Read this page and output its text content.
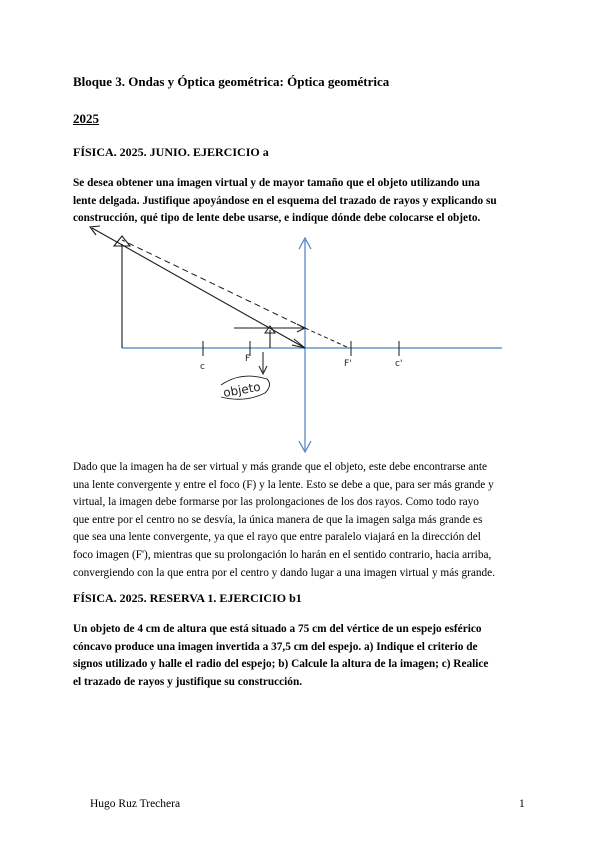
Bloque 3. Ondas y Óptica geométrica: Óptica geométrica
2025
FÍSICA. 2025. JUNIO. EJERCICIO a
Se desea obtener una imagen virtual y de mayor tamaño que el objeto utilizando una
lente delgada. Justifique apoyándose en el esquema del trazado de rayos y explicando su
construcción, qué tipo de lente debe usarse, e indique dónde debe colocarse el objeto.
c
F	F'	c'
objeto
Dado que la imagen ha de ser virtual y más grande que el objeto, este debe encontrarse ante
una lente convergente y entre el foco (F) y la lente. Esto se debe a que, para ser más grande y
virtual, la imagen debe formarse por las prolongaciones de los dos rayos. Como todo rayo
que entre por el centro no se desvía, la única manera de que la imagen salga más grande es
que sea una lente convergente, ya que el rayo que entre paralelo viajará en la dirección del
foco imagen (F'), mientras que su prolongación lo harán en el sentido contrario, hacia arriba,
convergiendo con la que entra por el centro y dando lugar a una imagen virtual y más grande.
FÍSICA. 2025. RESERVA 1. EJERCICIO b1
Un objeto de 4 cm de altura que está situado a 75 cm del vértice de un espejo esférico
cóncavo produce una imagen invertida a 37,5 cm del espejo. a) Indique el criterio de
signos utilizado y halle el radio del espejo; b) Calcule la altura de la imagen; c) Realice
el trazado de rayos y justifique su construcción.
Hugo Ruz Trechera	1
